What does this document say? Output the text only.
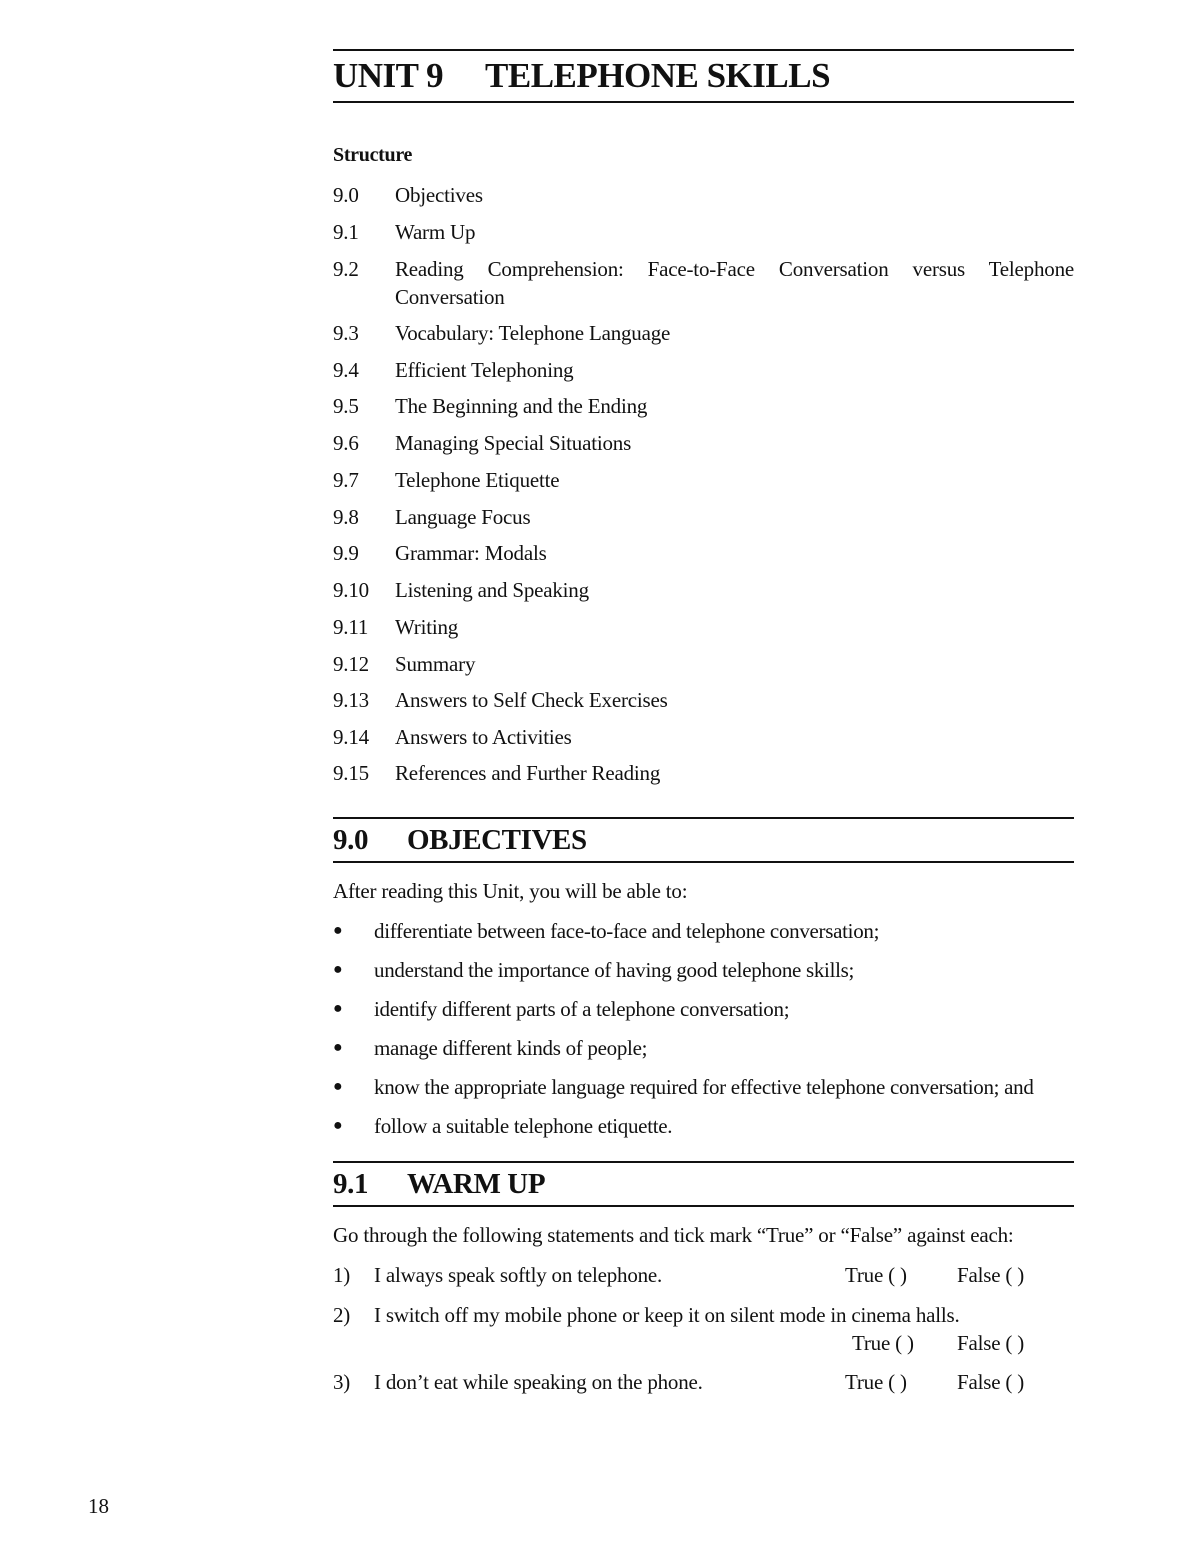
UNIT 9 TELEPHONE SKILLS
Structure
9.0	Objectives
9.1	Warm Up
9.2	Reading Comprehension: Face-to-Face Conversation versus Telephone Conversation
9.3	Vocabulary: Telephone Language
9.4	Efficient Telephoning
9.5	The Beginning and the Ending
9.6	Managing Special Situations
9.7	Telephone Etiquette
9.8	Language Focus
9.9	Grammar: Modals
9.10	Listening and Speaking
9.11	Writing
9.12	Summary
9.13	Answers to Self Check Exercises
9.14	Answers to Activities
9.15	References and Further Reading
9.0 OBJECTIVES

After reading this Unit, you will be able to:

●	differentiate between face-to-face and telephone conversation;
●	understand the importance of having good telephone skills;
●	identify different parts of a telephone conversation;
●	manage different kinds of people;
●	know the appropriate language required for effective telephone conversation; and
●	follow a suitable telephone etiquette.
9.1 WARM UP

Go through the following statements and tick mark “True” or “False” against each:

1) I always speak softly on telephone.	True ( ) False ( )
2) I switch off my mobile phone or keep it on silent mode in cinema halls.
True ( ) False ( )
3) I don’t eat while speaking on the phone.	True ( ) False ( )
18
